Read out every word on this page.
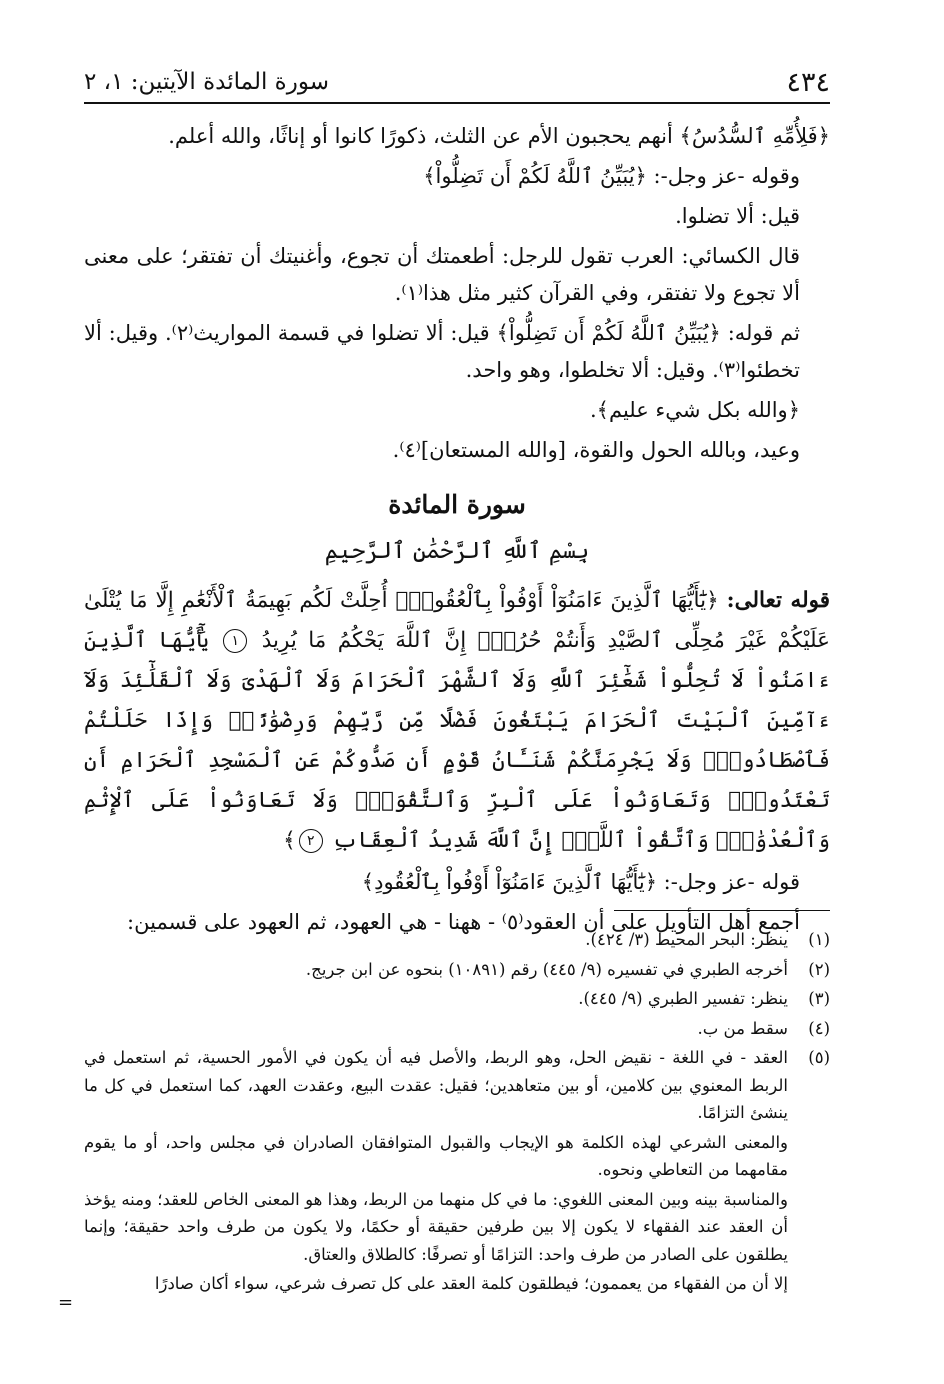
٤٣٤
سورة المائدة الآيتين: ١، ٢

﴿فَلِأُمِّهِ ٱلسُّدُسُ﴾ أنهم يحجبون الأم عن الثلث، ذكورًا كانوا أو إناثًا، والله أعلم.

وقوله -عز وجل-: ﴿يُبَيِّنُ ٱللَّهُ لَكُمْ أَن تَضِلُّواْ﴾

قيل: ألا تضلوا.

قال الكسائي: العرب تقول للرجل: أطعمتك أن تجوع، وأغنيتك أن تفتقر؛ على معنى ألا تجوع ولا تفتقر، وفي القرآن كثير مثل هذا⁽١⁾.

ثم قوله: ﴿يُبَيِّنُ ٱللَّهُ لَكُمْ أَن تَضِلُّواْ﴾ قيل: ألا تضلوا في قسمة المواريث⁽٢⁾. وقيل: ألا تخطئوا⁽٣⁾. وقيل: ألا تخلطوا، وهو واحد.

﴿والله بكل شيء عليم﴾.

وعيد، وبالله الحول والقوة، [والله المستعان]⁽٤⁾.

سورة المائدة
بِسْمِ ٱللَّهِ ٱلرَّحْمَٰنِ ٱلرَّحِيمِ

قوله تعالى: ﴿يَٰٓأَيُّهَا ٱلَّذِينَ ءَامَنُوٓاْ أَوْفُواْ بِٱلْعُقُودِۚ أُحِلَّتْ لَكُم بَهِيمَةُ ٱلْأَنْعَٰمِ إِلَّا مَا يُتْلَىٰ عَلَيْكُمْ غَيْرَ مُحِلِّى ٱلصَّيْدِ وَأَنتُمْ حُرُمٌۗ إِنَّ ٱللَّهَ يَحْكُمُ مَا يُرِيدُ ١ يَٰٓأَيُّهَا ٱلَّذِينَ ءَامَنُواْ لَا تُحِلُّواْ شَعَٰٓئِرَ ٱللَّهِ وَلَا ٱلشَّهْرَ ٱلْحَرَامَ وَلَا ٱلْهَدْىَ وَلَا ٱلْقَلَٰٓئِدَ وَلَآ ءَآمِّينَ ٱلْبَيْتَ ٱلْحَرَامَ يَبْتَغُونَ فَضْلًا مِّن رَّبِّهِمْ وَرِضْوَٰنًاۚ وَإِذَا حَلَلْتُمْ فَٱصْطَادُواْۚ وَلَا يَجْرِمَنَّكُمْ شَنَـَٔانُ قَوْمٍ أَن صَدُّوكُمْ عَنِ ٱلْمَسْجِدِ ٱلْحَرَامِ أَن تَعْتَدُواْۘ وَتَعَاوَنُواْ عَلَى ٱلْبِرِّ وَٱلتَّقْوَىٰۖ وَلَا تَعَاوَنُواْ عَلَى ٱلْإِثْمِ وَٱلْعُدْوَٰنِۚ وَٱتَّقُواْ ٱللَّهَۖ إِنَّ ٱللَّهَ شَدِيدُ ٱلْعِقَابِ ٢﴾

قوله -عز وجل-: ﴿يَٰٓأَيُّهَا ٱلَّذِينَ ءَامَنُوٓاْ أَوْفُواْ بِٱلْعُقُودِ﴾

أجمع أهل التأويل على أن العقود⁽٥⁾ - ههنا - هي العهود، ثم العهود على قسمين:

(١)
ينظر: البحر المحيط (٣/ ٤٢٤).
(٢)
أخرجه الطبري في تفسيره (٩/ ٤٤٥) رقم (١٠٨٩١) بنحوه عن ابن جريج.
(٣)
ينظر: تفسير الطبري (٩/ ٤٤٥).
(٤)
سقط من ب.
(٥)
العقد - في اللغة - نقيض الحل، وهو الربط، والأصل فيه أن يكون في الأمور الحسية، ثم استعمل في الربط المعنوي بين كلامين، أو بين متعاهدين؛ فقيل: عقدت البيع، وعقدت العهد، كما استعمل في كل ما ينشئ التزامًا.

والمعنى الشرعي لهذه الكلمة هو الإيجاب والقبول المتوافقان الصادران في مجلس واحد، أو ما يقوم مقامهما من التعاطي ونحوه.

والمناسبة بينه وبين المعنى اللغوي: ما في كل منهما من الربط، وهذا هو المعنى الخاص للعقد؛ ومنه يؤخذ أن العقد عند الفقهاء لا يكون إلا بين طرفين حقيقة أو حكمًا، ولا يكون من طرف واحد حقيقة؛ وإنما يطلقون على الصادر من طرف واحد: التزامًا أو تصرفًا: كالطلاق والعتاق.

إلا أن من الفقهاء من يعممون؛ فيطلقون كلمة العقد على كل تصرف شرعي، سواء أكان صادرًا

=
